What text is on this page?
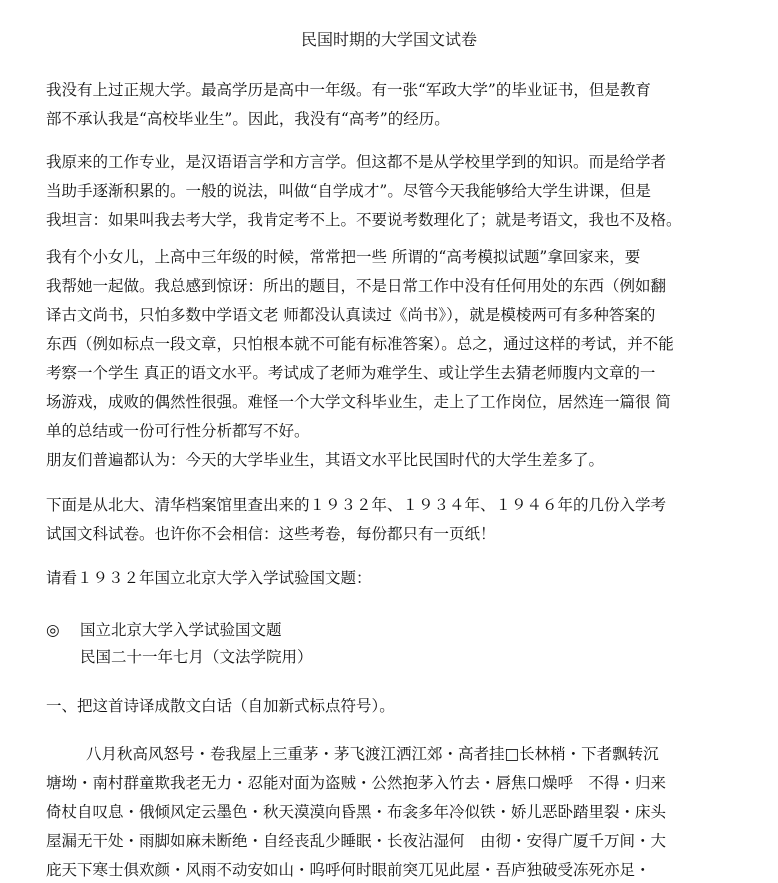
民国时期的大学国文试卷
我没有上过正规大学。最高学历是高中一年级。有一张“军政大学”的毕业证书，但是教育
部不承认我是“高校毕业生”。因此，我没有“高考”的经历。
我原来的工作专业，是汉语语言学和方言学。但这都不是从学校里学到的知识。而是给学者
当助手逐渐积累的。一般的说法，叫做“自学成才”。尽管今天我能够给大学生讲课，但是
我坦言：如果叫我去考大学，我肯定考不上。不要说考数理化了；就是考语文，我也不及格。
我有个小女儿，上高中三年级的时候，常常把一些 所谓的“高考模拟试题”拿回家来，要
我帮她一起做。我总感到惊讶：所出的题目，不是日常工作中没有任何用处的东西（例如翻
译古文尚书，只怕多数中学语文老 师都没认真读过《尚书》），就是模棱两可有多种答案的
东西（例如标点一段文章，只怕根本就不可能有标准答案）。总之，通过这样的考试，并不能
考察一个学生 真正的语文水平。考试成了老师为难学生、或让学生去猜老师腹内文章的一
场游戏，成败的偶然性很强。难怪一个大学文科毕业生，走上了工作岗位，居然连一篇很 简
单的总结或一份可行性分析都写不好。
朋友们普遍都认为：今天的大学毕业生，其语文水平比民国时代的大学生差多了。
下面是从北大、清华档案馆里查出来的１９３２年、１９３４年、１９４６年的几份入学考
试国文科试卷。也许你不会相信：这些考卷，每份都只有一页纸！
请看１９３２年国立北京大学入学试验国文题：
◎ 国立北京大学入学试验国文题
民国二十一年七月（文法学院用）
一、把这首诗译成散文白话（自加新式标点符号）。
八月秋高风怒号・卷我屋上三重茅・茅飞渡江洒江郊・高者挂□长林梢・下者飘转沉
塘坳・南村群童欺我老无力・忍能对面为盗贼・公然抱茅入竹去・唇焦口燥呼　不得・归来
倚杖自叹息・俄倾风定云墨色・秋天漠漠向昏黑・布衾多年冷似铁・娇儿恶卧踏里裂・床头
屋漏无干处・雨脚如麻未断绝・自经丧乱少睡眠・长夜沾湿何　由彻・安得广厦千万间・大
庇天下寒士俱欢颜・风雨不动安如山・呜呼何时眼前突兀见此屋・吾庐独破受冻死亦足・
